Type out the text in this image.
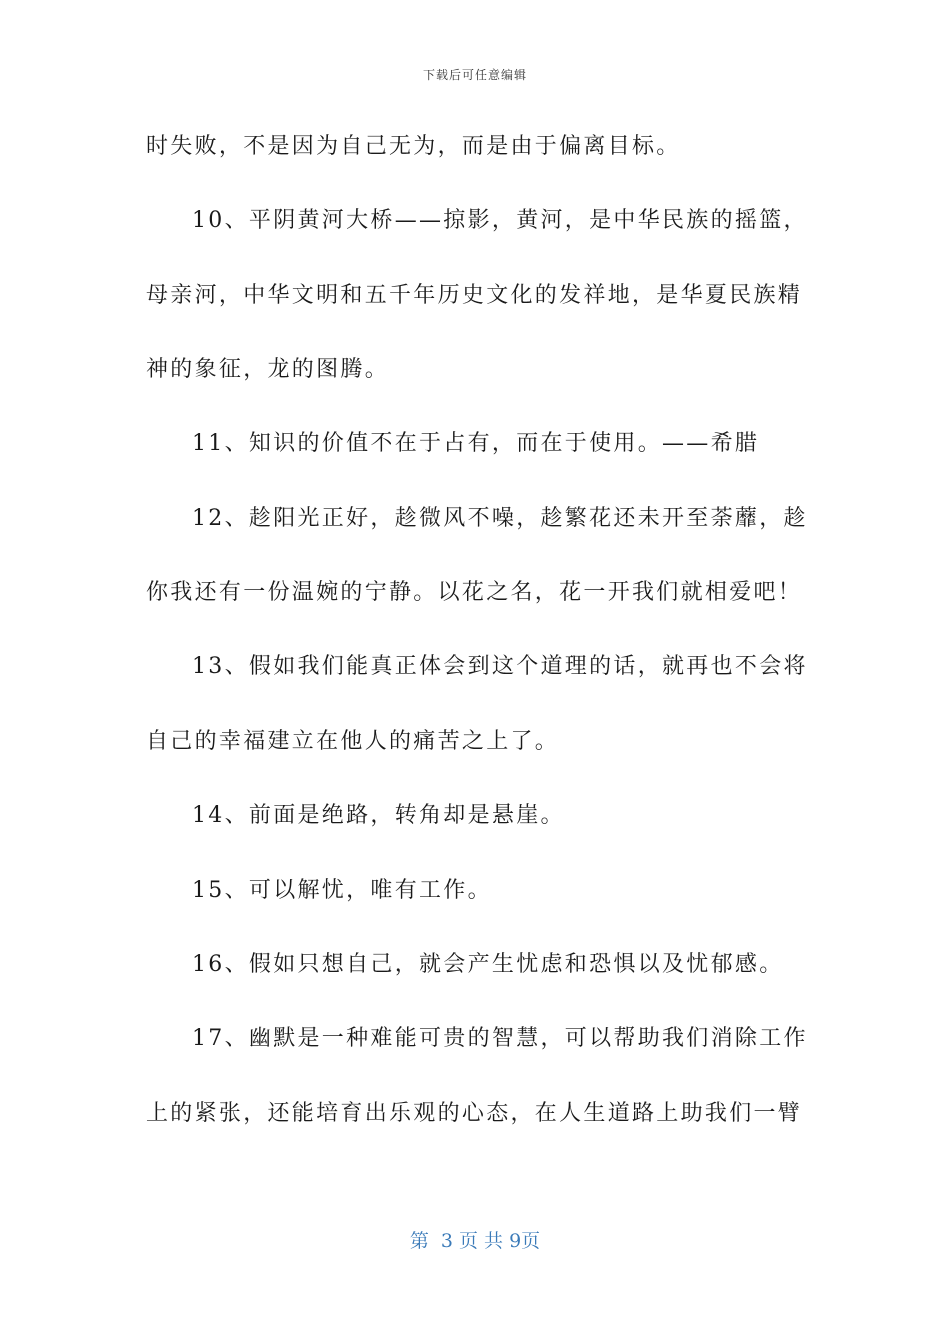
下载后可任意编辑
时失败，不是因为自己无为，而是由于偏离目标。
10、平阴黄河大桥——掠影，黄河，是中华民族的摇篮，
母亲河，中华文明和五千年历史文化的发祥地，是华夏民族精
神的象征，龙的图腾。
11、知识的价值不在于占有，而在于使用。——希腊
12、趁阳光正好，趁微风不噪，趁繁花还未开至荼蘼，趁
你我还有一份温婉的宁静。以花之名，花一开我们就相爱吧！
13、假如我们能真正体会到这个道理的话，就再也不会将
自己的幸福建立在他人的痛苦之上了。
14、前面是绝路，转角却是悬崖。
15、可以解忧，唯有工作。
16、假如只想自己，就会产生忧虑和恐惧以及忧郁感。
17、幽默是一种难能可贵的智慧，可以帮助我们消除工作
上的紧张，还能培育出乐观的心态，在人生道路上助我们一臂
第  3 页 共 9页
